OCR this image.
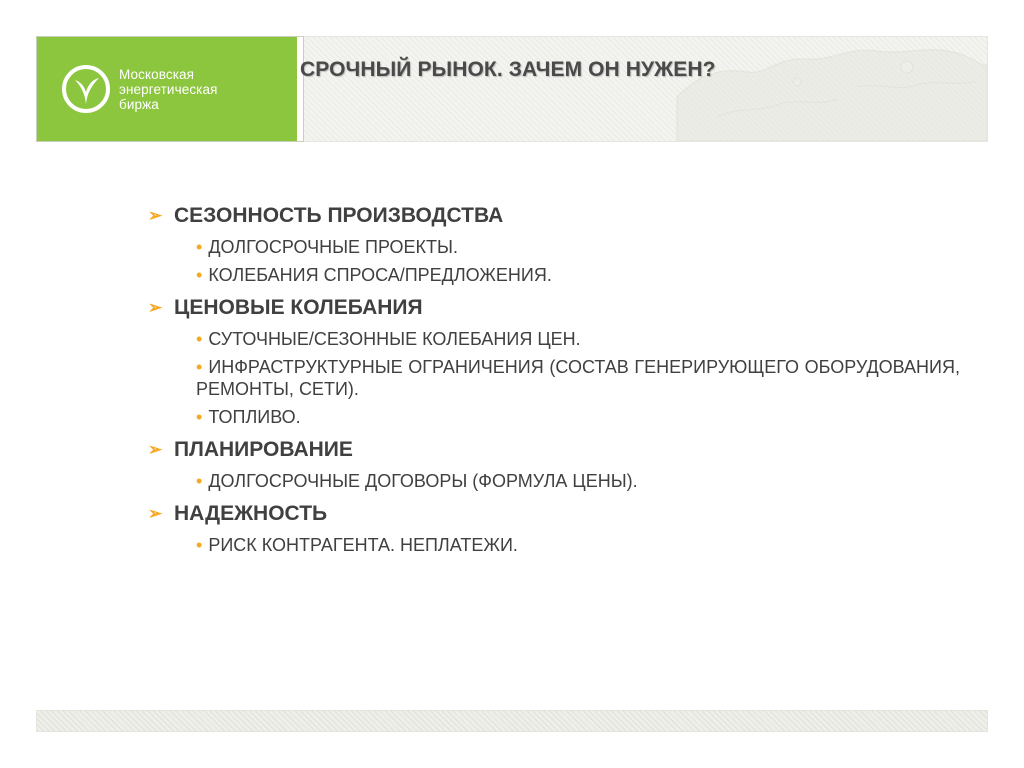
Московская
энергетическая
биржа
СРОЧНЫЙ РЫНОК. ЗАЧЕМ ОН НУЖЕН?
➢ СЕЗОННОСТЬ ПРОИЗВОДСТВА
• ДОЛГОСРОЧНЫЕ ПРОЕКТЫ.
• КОЛЕБАНИЯ СПРОСА/ПРЕДЛОЖЕНИЯ.
➢ ЦЕНОВЫЕ КОЛЕБАНИЯ
• СУТОЧНЫЕ/СЕЗОННЫЕ КОЛЕБАНИЯ ЦЕН.
• ИНФРАСТРУКТУРНЫЕ ОГРАНИЧЕНИЯ (СОСТАВ ГЕНЕРИРУЮЩЕГО ОБОРУДОВАНИЯ, РЕМОНТЫ, СЕТИ).
• ТОПЛИВО.
➢ ПЛАНИРОВАНИЕ
• ДОЛГОСРОЧНЫЕ ДОГОВОРЫ (ФОРМУЛА ЦЕНЫ).
➢ НАДЕЖНОСТЬ
• РИСК КОНТРАГЕНТА. НЕПЛАТЕЖИ.
